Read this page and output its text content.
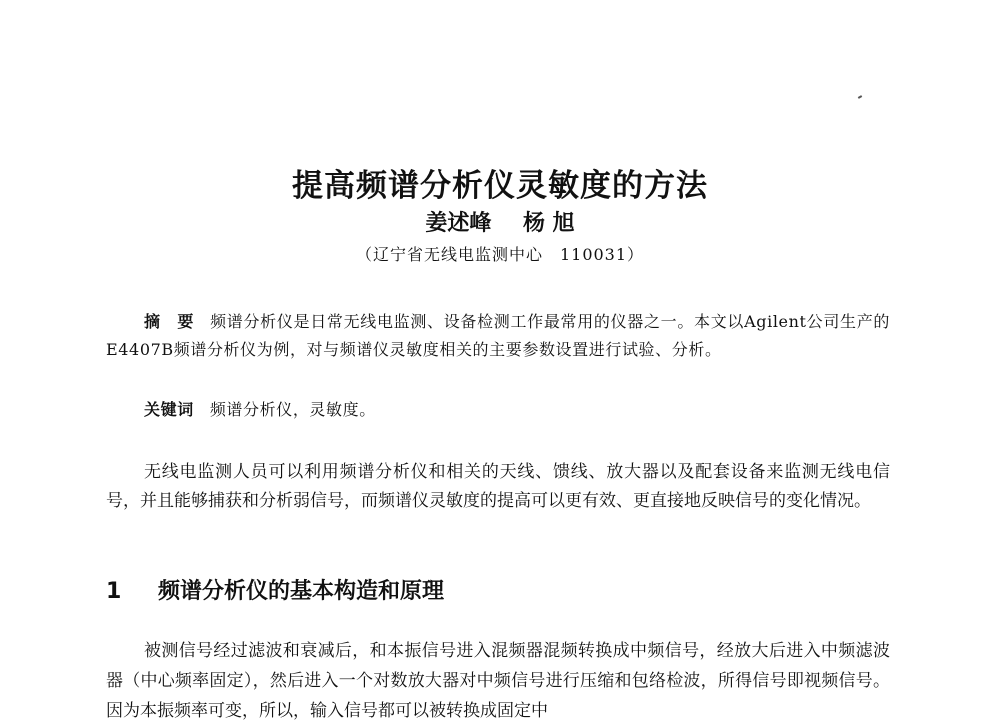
提高频谱分析仪灵敏度的方法
姜述峰 杨 旭
（辽宁省无线电监测中心　110031）

摘　要 频谱分析仪是日常无线电监测、设备检测工作最常用的仪器之一。本文以Agilent公司生产的E4407B频谱分析仪为例，对与频谱仪灵敏度相关的主要参数设置进行试验、分析。

关键词 频谱分析仪，灵敏度。

无线电监测人员可以利用频谱分析仪和相关的天线、馈线、放大器以及配套设备来监测无线电信号，并且能够捕获和分析弱信号，而频谱仪灵敏度的提高可以更有效、更直接地反映信号的变化情况。

1 频谱分析仪的基本构造和原理

被测信号经过滤波和衰减后，和本振信号进入混频器混频转换成中频信号，经放大后进入中频滤波器（中心频率固定），然后进入一个对数放大器对中频信号进行压缩和包络检波，所得信号即视频信号。因为本振频率可变，所以，输入信号都可以被转换成固定中
